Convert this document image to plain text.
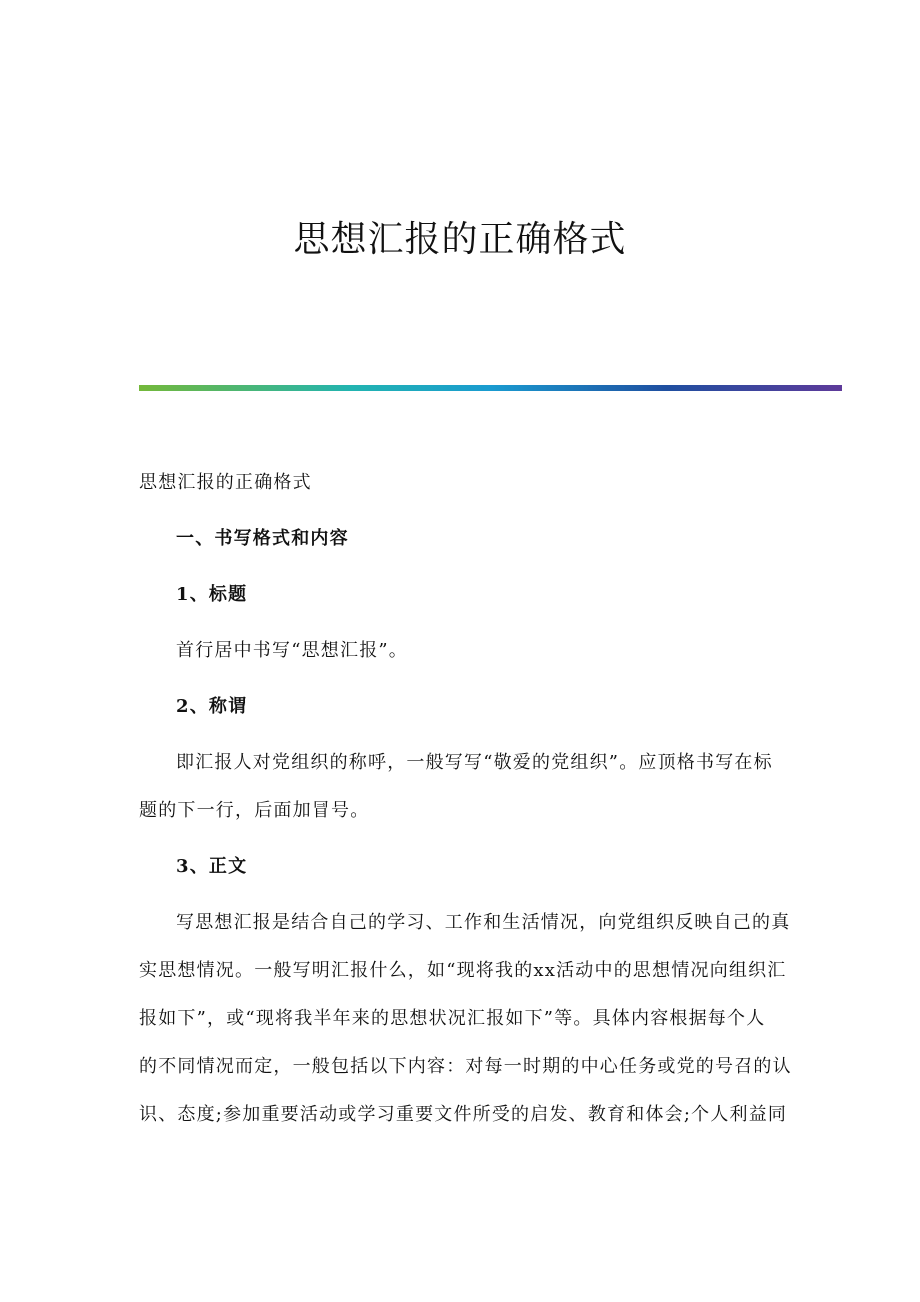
思想汇报的正确格式
思想汇报的正确格式
一、书写格式和内容
1、标题
首行居中书写“思想汇报”。
2、称谓
即汇报人对党组织的称呼，一般写写“敬爱的党组织”。应顶格书写在标
题的下一行，后面加冒号。
3、正文
写思想汇报是结合自己的学习、工作和生活情况，向党组织反映自己的真
实思想情况。一般写明汇报什么，如“现将我的xx活动中的思想情况向组织汇
报如下”，或“现将我半年来的思想状况汇报如下”等。具体内容根据每个人
的不同情况而定，一般包括以下内容：对每一时期的中心任务或党的号召的认
识、态度;参加重要活动或学习重要文件所受的启发、教育和体会;个人利益同
